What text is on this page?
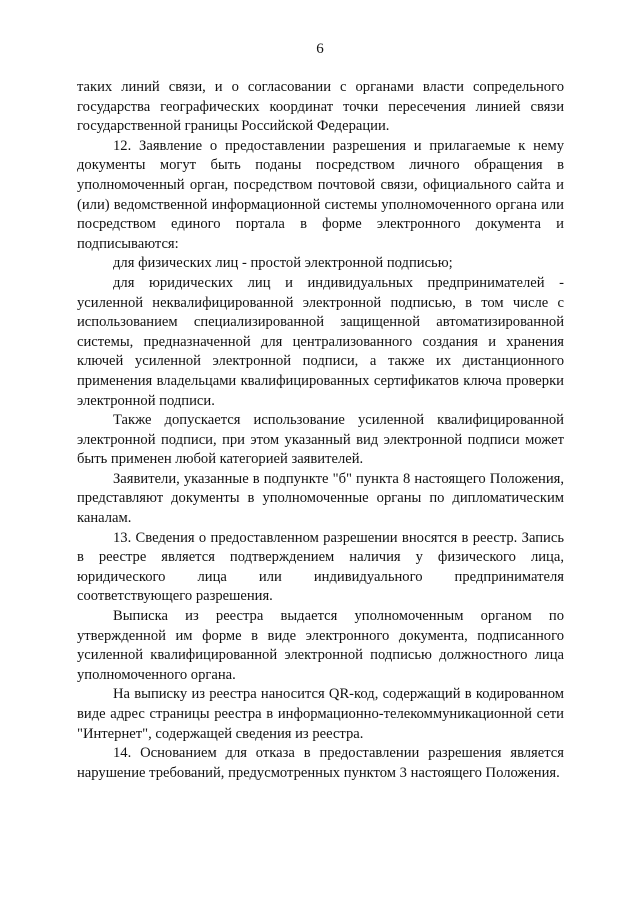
6

таких линий связи, и о согласовании с органами власти сопредельного государства географических координат точки пересечения линией связи государственной границы Российской Федерации.

12. Заявление о предоставлении разрешения и прилагаемые к нему документы могут быть поданы посредством личного обращения в уполномоченный орган, посредством почтовой связи, официального сайта и (или) ведомственной информационной системы уполномоченного органа или посредством единого портала в форме электронного документа и подписываются:

для физических лиц - простой электронной подписью;

для юридических лиц и индивидуальных предпринимателей - усиленной неквалифицированной электронной подписью, в том числе с использованием специализированной защищенной автоматизированной системы, предназначенной для централизованного создания и хранения ключей усиленной электронной подписи, а также их дистанционного применения владельцами квалифицированных сертификатов ключа проверки электронной подписи.

Также допускается использование усиленной квалифицированной электронной подписи, при этом указанный вид электронной подписи может быть применен любой категорией заявителей.

Заявители, указанные в подпункте "б" пункта 8 настоящего Положения, представляют документы в уполномоченные органы по дипломатическим каналам.

13. Сведения о предоставленном разрешении вносятся в реестр. Запись в реестре является подтверждением наличия у физического лица, юридического лица или индивидуального предпринимателя соответствующего разрешения.

Выписка из реестра выдается уполномоченным органом по утвержденной им форме в виде электронного документа, подписанного усиленной квалифицированной электронной подписью должностного лица уполномоченного органа.

На выписку из реестра наносится QR-код, содержащий в кодированном виде адрес страницы реестра в информационно-телекоммуникационной сети "Интернет", содержащей сведения из реестра.

14. Основанием для отказа в предоставлении разрешения является нарушение требований, предусмотренных пунктом 3 настоящего Положения.
